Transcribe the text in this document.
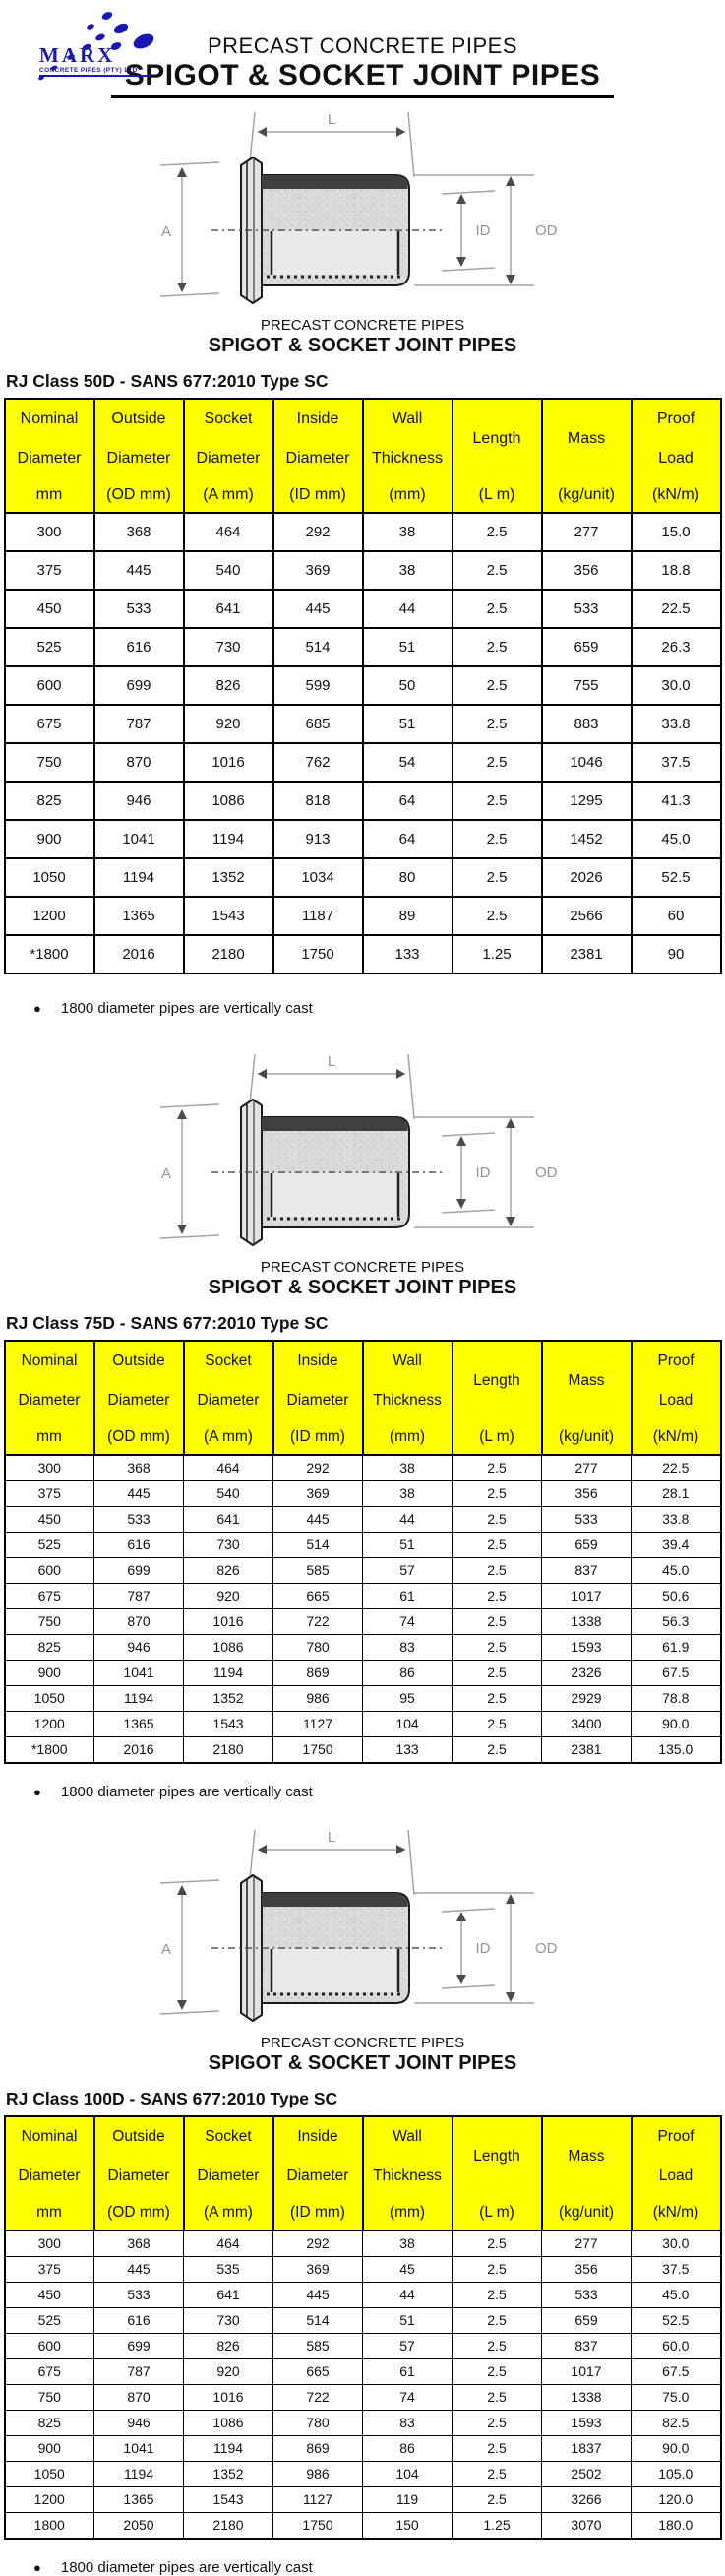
MARX
CONCRETE PIPES (PTY) LTD
PRECAST CONCRETE PIPES
SPIGOT & SOCKET JOINT PIPES
L
A	ID	OD
PRECAST CONCRETE PIPES
SPIGOT & SOCKET JOINT PIPES
RJ Class 50D - SANS 677:2010 Type SC
Nominal
Diameter
mm

Outside
Diameter
(OD mm)

Socket
Diameter
(A mm)

Inside
Diameter
(ID mm)

Wall
Thickness
(mm)

Length
(L m)

Mass
(kg/unit)

Proof
Load
(kN/m)

300	368	464	292	38	2.5	277	15.0
375	445	540	369	38	2.5	356	18.8
450	533	641	445	44	2.5	533	22.5
525	616	730	514	51	2.5	659	26.3
600	699	826	599	50	2.5	755	30.0
675	787	920	685	51	2.5	883	33.8
750	870	1016	762	54	2.5	1046	37.5
825	946	1086	818	64	2.5	1295	41.3
900	1041	1194	913	64	2.5	1452	45.0
1050	1194	1352	1034	80	2.5	2026	52.5
1200	1365	1543	1187	89	2.5	2566	60
*1800	2016	2180	1750	133	1.25	2381	90
● 1800 diameter pipes are vertically cast
L
A	ID	OD
PRECAST CONCRETE PIPES
SPIGOT & SOCKET JOINT PIPES
RJ Class 75D - SANS 677:2010 Type SC
Nominal
Diameter
mm

Outside
Diameter
(OD mm)

Socket
Diameter
(A mm)

Inside
Diameter
(ID mm)

Wall
Thickness
(mm)

Length
(L m)

Mass
(kg/unit)

Proof
Load
(kN/m)

300	368	464	292	38	2.5	277	22.5
375	445	540	369	38	2.5	356	28.1
450	533	641	445	44	2.5	533	33.8
525	616	730	514	51	2.5	659	39.4
600	699	826	585	57	2.5	837	45.0
675	787	920	665	61	2.5	1017	50.6
750	870	1016	722	74	2.5	1338	56.3
825	946	1086	780	83	2.5	1593	61.9
900	1041	1194	869	86	2.5	2326	67.5
1050	1194	1352	986	95	2.5	2929	78.8
1200	1365	1543	1127	104	2.5	3400	90.0
*1800	2016	2180	1750	133	2.5	2381	135.0
● 1800 diameter pipes are vertically cast
L
A	ID	OD
PRECAST CONCRETE PIPES
SPIGOT & SOCKET JOINT PIPES
RJ Class 100D - SANS 677:2010 Type SC
Nominal
Diameter
mm

Outside
Diameter
(OD mm)

Socket
Diameter
(A mm)

Inside
Diameter
(ID mm)

Wall
Thickness
(mm)

Length
(L m)

Mass
(kg/unit)

Proof
Load
(kN/m)

300	368	464	292	38	2.5	277	30.0
375	445	535	369	45	2.5	356	37.5
450	533	641	445	44	2.5	533	45.0
525	616	730	514	51	2.5	659	52.5
600	699	826	585	57	2.5	837	60.0
675	787	920	665	61	2.5	1017	67.5
750	870	1016	722	74	2.5	1338	75.0
825	946	1086	780	83	2.5	1593	82.5
900	1041	1194	869	86	2.5	1837	90.0
1050	1194	1352	986	104	2.5	2502	105.0
1200	1365	1543	1127	119	2.5	3266	120.0
1800	2050	2180	1750	150	1.25	3070	180.0
● 1800 diameter pipes are vertically cast
